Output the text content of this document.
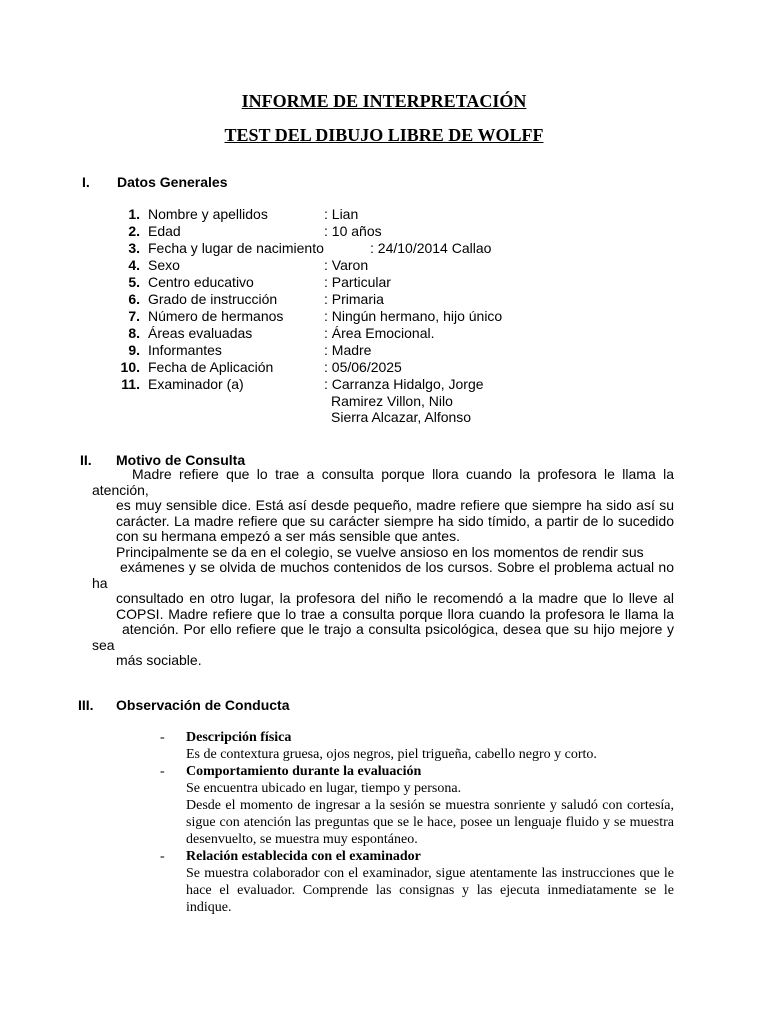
INFORME DE INTERPRETACIÓN
TEST DEL DIBUJO LIBRE DE WOLFF
I. Datos Generales
1. Nombre y apellidos	: Lian
2. Edad	: 10 años
3. Fecha y lugar de nacimiento	: 24/10/2014 Callao
4. Sexo	: Varon
5. Centro educativo	: Particular
6. Grado de instrucción	: Primaria
7. Número de hermanos	: Ningún hermano, hijo único
8. Áreas evaluadas	: Área Emocional.
9. Informantes	: Madre
10. Fecha de Aplicación	: 05/06/2025
11. Examinador (a)	: Carranza Hidalgo, Jorge
Ramirez Villon, Nilo
Sierra Alcazar, Alfonso
II. Motivo de Consulta
Madre refiere que lo trae a consulta porque llora cuando la profesora le llama la
atención,
es muy sensible dice. Está así desde pequeño, madre refiere que siempre ha sido así su
carácter. La madre refiere que su carácter siempre ha sido tímido, a partir de lo sucedido
con su hermana empezó a ser más sensible que antes.
Principalmente se da en el colegio, se vuelve ansioso en los momentos de rendir sus
exámenes y se olvida de muchos contenidos de los cursos. Sobre el problema actual no
ha
consultado en otro lugar, la profesora del niño le recomendó a la madre que lo lleve al
COPSI. Madre refiere que lo trae a consulta porque llora cuando la profesora le llama la
atención. Por ello refiere que le trajo a consulta psicológica, desea que su hijo mejore y
sea
más sociable.
III. Observación de Conducta
- Descripción física
Es de contextura gruesa, ojos negros, piel trigueña, cabello negro y corto.
- Comportamiento durante la evaluación
Se encuentra ubicado en lugar, tiempo y persona.
Desde el momento de ingresar a la sesión se muestra sonriente y saludó con cortesía, sigue con atención las preguntas que se le hace, posee un lenguaje fluido y se muestra desenvuelto, se muestra muy espontáneo.
- Relación establecida con el examinador
Se muestra colaborador con el examinador, sigue atentamente las instrucciones que le hace el evaluador. Comprende las consignas y las ejecuta inmediatamente se le indique.
